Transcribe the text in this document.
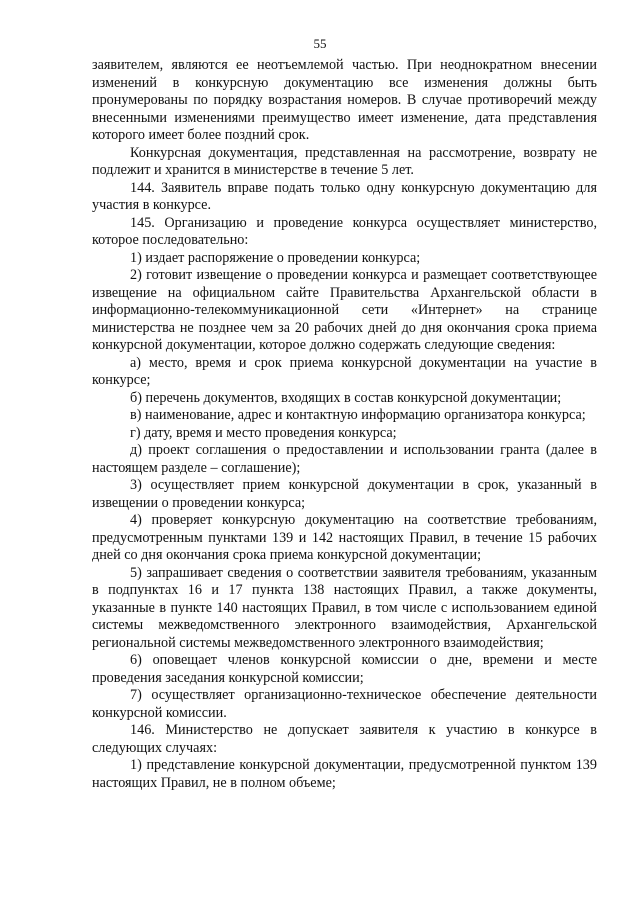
55

заявителем, являются ее неотъемлемой частью. При неоднократном внесении изменений в конкурсную документацию все изменения должны быть пронумерованы по порядку возрастания номеров. В случае противоречий между внесенными изменениями преимущество имеет изменение, дата представления которого имеет более поздний срок.

Конкурсная документация, представленная на рассмотрение, возврату не подлежит и хранится в министерстве в течение 5 лет.

144. Заявитель вправе подать только одну конкурсную документацию для участия в конкурсе.

145. Организацию и проведение конкурса осуществляет министерство, которое последовательно:

1) издает распоряжение о проведении конкурса;

2) готовит извещение о проведении конкурса и размещает соответствующее извещение на официальном сайте Правительства Архангельской области в информационно-телекоммуникационной сети «Интернет» на странице министерства не позднее чем за 20 рабочих дней до дня окончания срока приема конкурсной документации, которое должно содержать следующие сведения:

а) место, время и срок приема конкурсной документации на участие в конкурсе;

б) перечень документов, входящих в состав конкурсной документации;

в) наименование, адрес и контактную информацию организатора конкурса;

г) дату, время и место проведения конкурса;

д) проект соглашения о предоставлении и использовании гранта (далее в настоящем разделе – соглашение);

3) осуществляет прием конкурсной документации в срок, указанный в извещении о проведении конкурса;

4) проверяет конкурсную документацию на соответствие требованиям, предусмотренным пунктами 139 и 142 настоящих Правил, в течение 15 рабочих дней со дня окончания срока приема конкурсной документации;

5) запрашивает сведения о соответствии заявителя требованиям, указанным в подпунктах 16 и 17 пункта 138 настоящих Правил, а также документы, указанные в пункте 140 настоящих Правил, в том числе с использованием единой системы межведомственного электронного взаимодействия, Архангельской региональной системы межведомственного электронного взаимодействия;

6) оповещает членов конкурсной комиссии о дне, времени и месте проведения заседания конкурсной комиссии;

7) осуществляет организационно-техническое обеспечение деятельности конкурсной комиссии.

146. Министерство не допускает заявителя к участию в конкурсе в следующих случаях:

1) представление конкурсной документации, предусмотренной пунктом 139 настоящих Правил, не в полном объеме;
